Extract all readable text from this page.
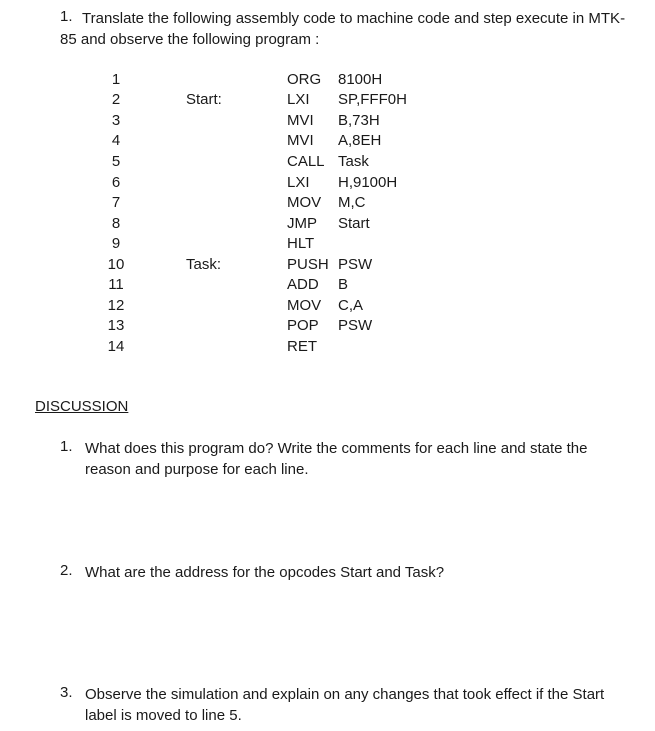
1. Translate the following assembly code to machine code and step execute in MTK-
85 and observe the following program :
1	ORG 8100H
2	Start:	LXI SP,FFF0H
3	MVI B,73H
4	MVI A,8EH
5	CALL Task
6	LXI H,9100H
7	MOV M,C
8	JMP Start
9	HLT
10	Task:	PUSH PSW
11	ADD B
12	MOV C,A
13	POP PSW
14	RET
DISCUSSION
1. What does this program do? Write the comments for each line and state the reason and purpose for each line.
2. What are the address for the opcodes Start and Task?
3. Observe the simulation and explain on any changes that took effect if the Start label is moved to line 5.
